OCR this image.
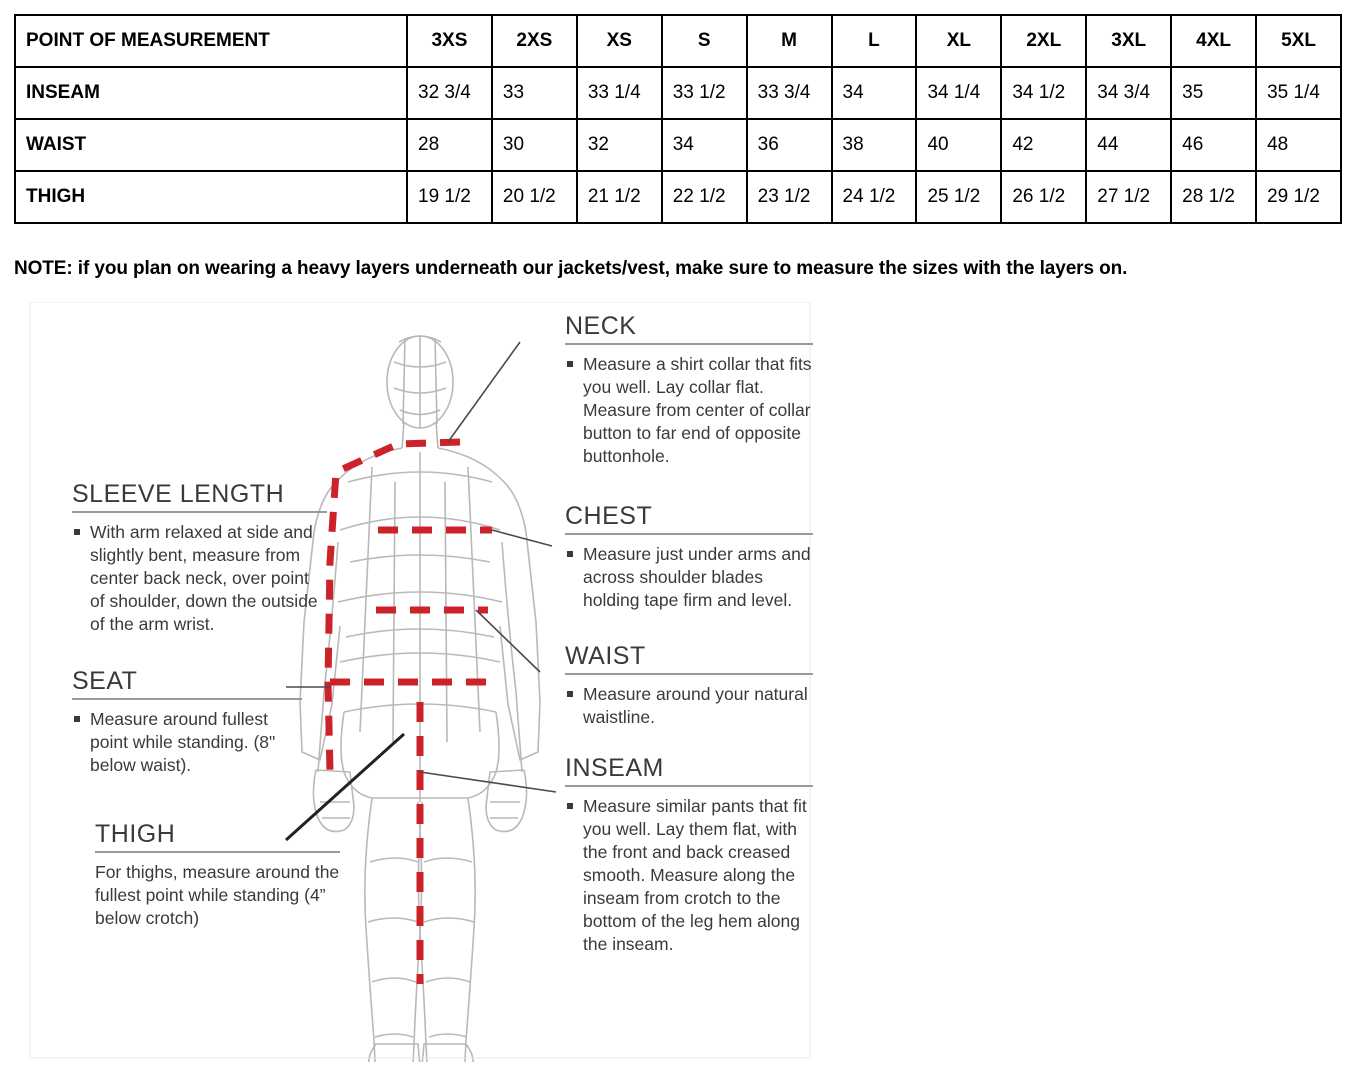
POINT OF MEASUREMENT	3XS	2XS	XS	S	M	L	XL	2XL	3XL	4XL	5XL
INSEAM	32 3/4	33	33 1/4	33 1/2	33 3/4	34	34 1/4	34 1/2	34 3/4	35	35 1/4
WAIST	28	30	32	34	36	38	40	42	44	46	48
THIGH	19 1/2	20 1/2	21 1/2	22 1/2	23 1/2	24 1/2	25 1/2	26 1/2	27 1/2	28 1/2	29 1/2
NOTE: if you plan on wearing a heavy layers underneath our jackets/vest, make sure to measure the sizes with the layers on.
NECK
Measure a shirt collar that fits you well. Lay collar flat. Measure from center of collar button to far end of opposite buttonhole.
CHEST
Measure just under arms and across shoulder blades holding tape firm and level.
WAIST
Measure around your natural waistline.
INSEAM
Measure similar pants that fit you well. Lay them flat, with the front and back creased smooth. Measure along the inseam from crotch to the bottom of the leg hem along the inseam.
SLEEVE LENGTH
With arm relaxed at side and slightly bent, measure from center back neck, over point of shoulder, down the outside of the arm wrist.
SEAT
Measure around fullest point while standing. (8" below waist).
THIGH
For thighs, measure around the fullest point while standing (4” below crotch)
